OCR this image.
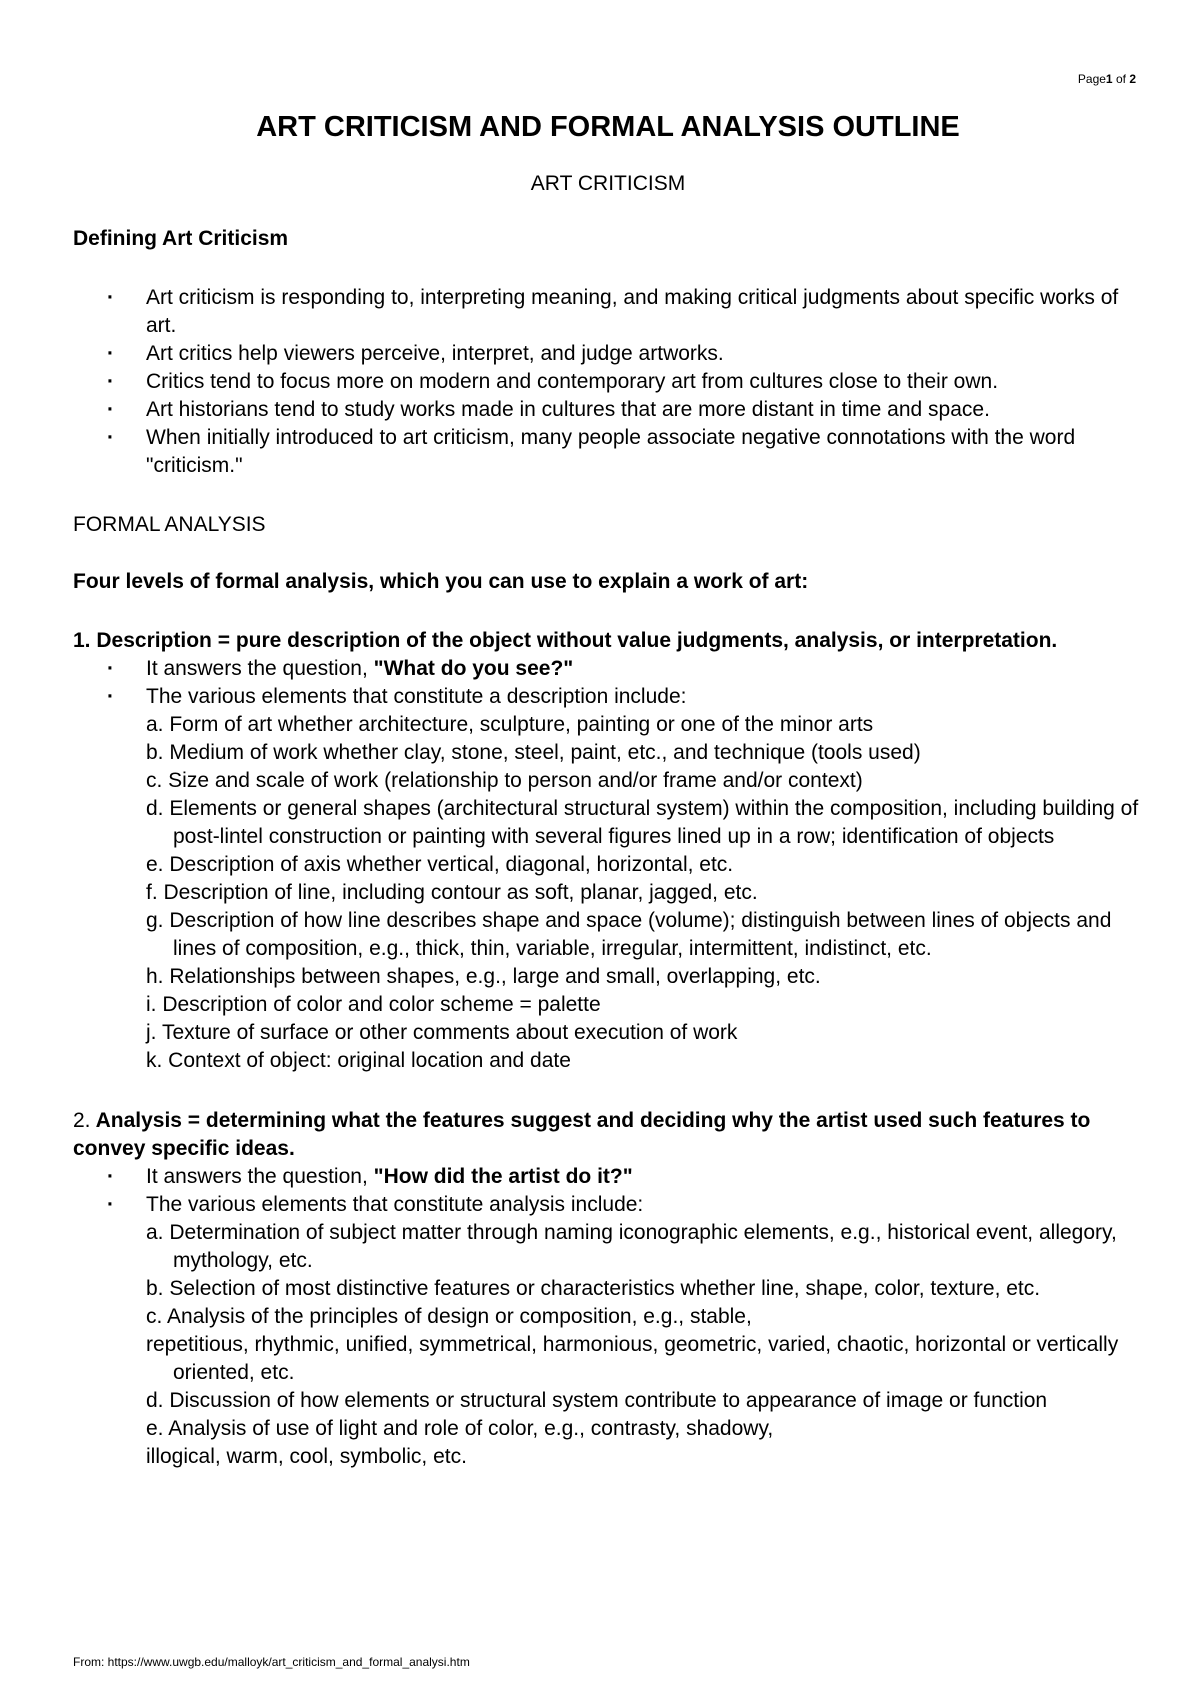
Page1 of 2
ART CRITICISM AND FORMAL ANALYSIS OUTLINE
ART CRITICISM
Defining Art Criticism
· Art criticism is responding to, interpreting meaning, and making critical judgments about specific works of art.
· Art critics help viewers perceive, interpret, and judge artworks.
· Critics tend to focus more on modern and contemporary art from cultures close to their own.
· Art historians tend to study works made in cultures that are more distant in time and space.
· When initially introduced to art criticism, many people associate negative connotations with the word "criticism."
FORMAL ANALYSIS
Four levels of formal analysis, which you can use to explain a work of art:
1. Description = pure description of the object without value judgments, analysis, or interpretation.
· It answers the question, "What do you see?"
· The various elements that constitute a description include:
a. Form of art whether architecture, sculpture, painting or one of the minor arts
b. Medium of work whether clay, stone, steel, paint, etc., and technique (tools used)
c. Size and scale of work (relationship to person and/or frame and/or context)
d. Elements or general shapes (architectural structural system) within the composition, including building of post-lintel construction or painting with several figures lined up in a row; identification of objects
e. Description of axis whether vertical, diagonal, horizontal, etc.
f. Description of line, including contour as soft, planar, jagged, etc.
g. Description of how line describes shape and space (volume); distinguish between lines of objects and lines of composition, e.g., thick, thin, variable, irregular, intermittent, indistinct, etc.
h. Relationships between shapes, e.g., large and small, overlapping, etc.
i. Description of color and color scheme = palette
j. Texture of surface or other comments about execution of work
k. Context of object: original location and date
2. Analysis = determining what the features suggest and deciding why the artist used such features to convey specific ideas.
· It answers the question, "How did the artist do it?"
· The various elements that constitute analysis include:
a. Determination of subject matter through naming iconographic elements, e.g., historical event, allegory, mythology, etc.
b. Selection of most distinctive features or characteristics whether line, shape, color, texture, etc.
c. Analysis of the principles of design or composition, e.g., stable,
repetitious, rhythmic, unified, symmetrical, harmonious, geometric, varied, chaotic, horizontal or vertically oriented, etc.
d. Discussion of how elements or structural system contribute to appearance of image or function
e. Analysis of use of light and role of color, e.g., contrasty, shadowy,
illogical, warm, cool, symbolic, etc.
From: https://www.uwgb.edu/malloyk/art_criticism_and_formal_analysi.htm
